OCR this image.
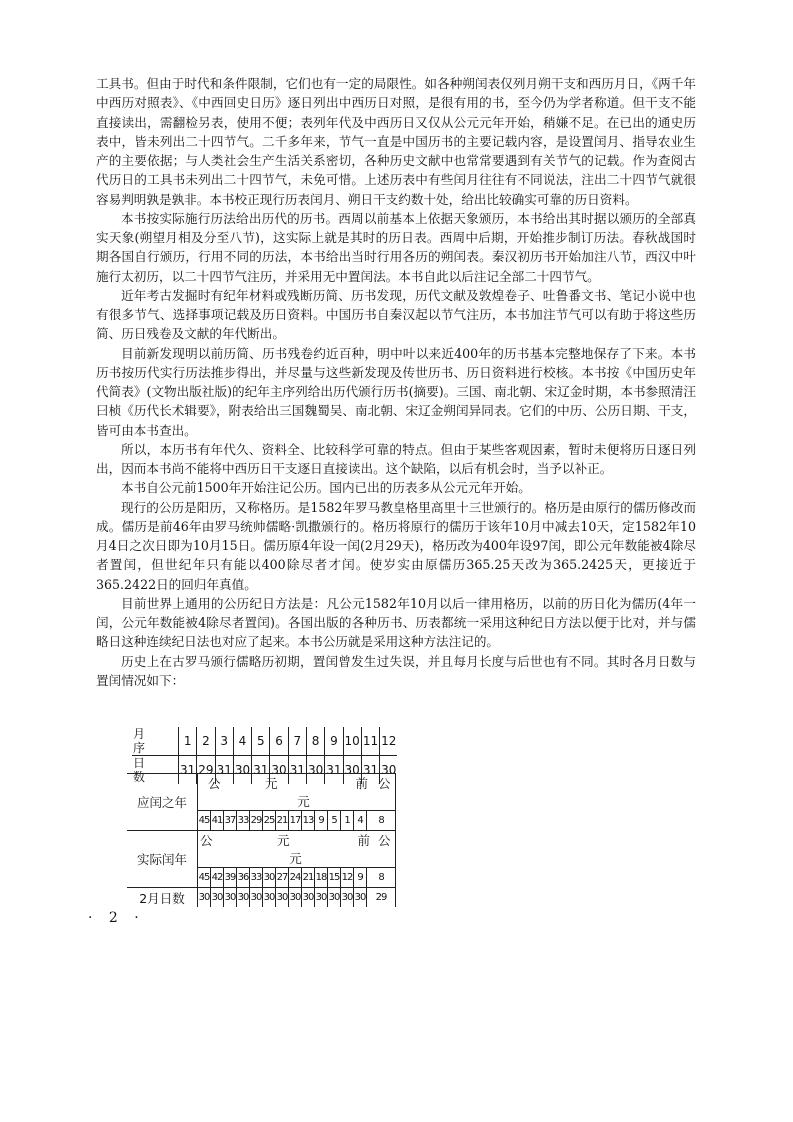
工具书。但由于时代和条件限制，它们也有一定的局限性。如各种朔闰表仅列月朔干支和西历月日，《两千年中西历对照表》、《中西回史日历》逐日列出中西历日对照，是很有用的书，至今仍为学者称道。但干支不能直接读出，需翻检另表，使用不便；表列年代及中西历日又仅从公元元年开始，稍嫌不足。在已出的通史历表中，皆未列出二十四节气。二千多年来，节气一直是中国历书的主要记载内容，是设置闰月、指导农业生产的主要依据；与人类社会生产生活关系密切，各种历史文献中也常常要遇到有关节气的记载。作为查阅古代历日的工具书未列出二十四节气，未免可惜。上述历表中有些闰月往往有不同说法，注出二十四节气就很容易判明孰是孰非。本书校正现行历表闰月、朔日干支约数十处，给出比较确实可靠的历日资料。

本书按实际施行历法给出历代的历书。西周以前基本上依据天象颁历，本书给出其时据以颁历的全部真实天象(朔望月相及分至八节)，这实际上就是其时的历日表。西周中后期，开始推步制订历法。春秋战国时期各国自行颁历，行用不同的历法，本书给出当时行用各历的朔闰表。秦汉初历书开始加注八节，西汉中叶施行太初历，以二十四节气注历，并采用无中置闰法。本书自此以后注记全部二十四节气。

近年考古发掘时有纪年材料或残断历简、历书发现，历代文献及敦煌卷子、吐鲁番文书、笔记小说中也有很多节气、选择事项记载及历日资料。中国历书自秦汉起以节气注历，本书加注节气可以有助于将这些历简、历日残卷及文献的年代断出。

目前新发现明以前历简、历书残卷约近百种，明中叶以来近400年的历书基本完整地保存了下来。本书历书按历代实行历法推步得出，并尽量与这些新发现及传世历书、历日资料进行校核。本书按《中国历史年代简表》(文物出版社版)的纪年主序列给出历代颁行历书(摘要)。三国、南北朝、宋辽金时期，本书参照清汪曰桢《历代长术辑要》，附表给出三国魏蜀吴、南北朝、宋辽金朔闰异同表。它们的中历、公历日期、干支，皆可由本书查出。

所以，本历书有年代久、资料全、比较科学可靠的特点。但由于某些客观因素，暂时未便将历日逐日列出，因而本书尚不能将中西历日干支逐日直接读出。这个缺陷，以后有机会时，当予以补正。

本书自公元前1500年开始注记公历。国内已出的历表多从公元元年开始。

现行的公历是阳历，又称格历。是1582年罗马教皇格里高里十三世颁行的。格历是由原行的儒历修改而成。儒历是前46年由罗马统帅儒略·凯撒颁行的。格历将原行的儒历于该年10月中减去10天，定1582年10月4日之次日即为10月15日。儒历原4年设一闰(2月29天)，格历改为400年设97闰，即公元年数能被4除尽者置闰，但世纪年只有能以400除尽者才闰。使岁实由原儒历365.25天改为365.2425天，更接近于365.2422日的回归年真值。

目前世界上通用的公历纪日方法是：凡公元1582年10月以后一律用格历，以前的历日化为儒历(4年一闰，公元年数能被4除尽者置闰)。各国出版的各种历书、历表都统一采用这种纪日方法以便于比对，并与儒略日这种连续纪日法也对应了起来。本书公历就是采用这种方法注记的。

历史上在古罗马颁行儒略历初期，置闰曾发生过失误，并且每月长度与后世也有不同。其时各月日数与置闰情况如下：

月 序	1	2	3	4	5	6	7	8	9	10	11	12
日 数	31	29	31	30	31	30	31	30	31	30	31	30
应闰之年	公 元 前 公 元													
	45	41	37	33	29	25	21	17	13	9	5	1	4	8
实际闰年	公 元 前 公元													
	45	42	39	36	33	30	27	24	21	18	15	12	9	8
2月日数	30	30	30	30	30	30	30	30	30	30	30	30	30	29
· 2 ·
